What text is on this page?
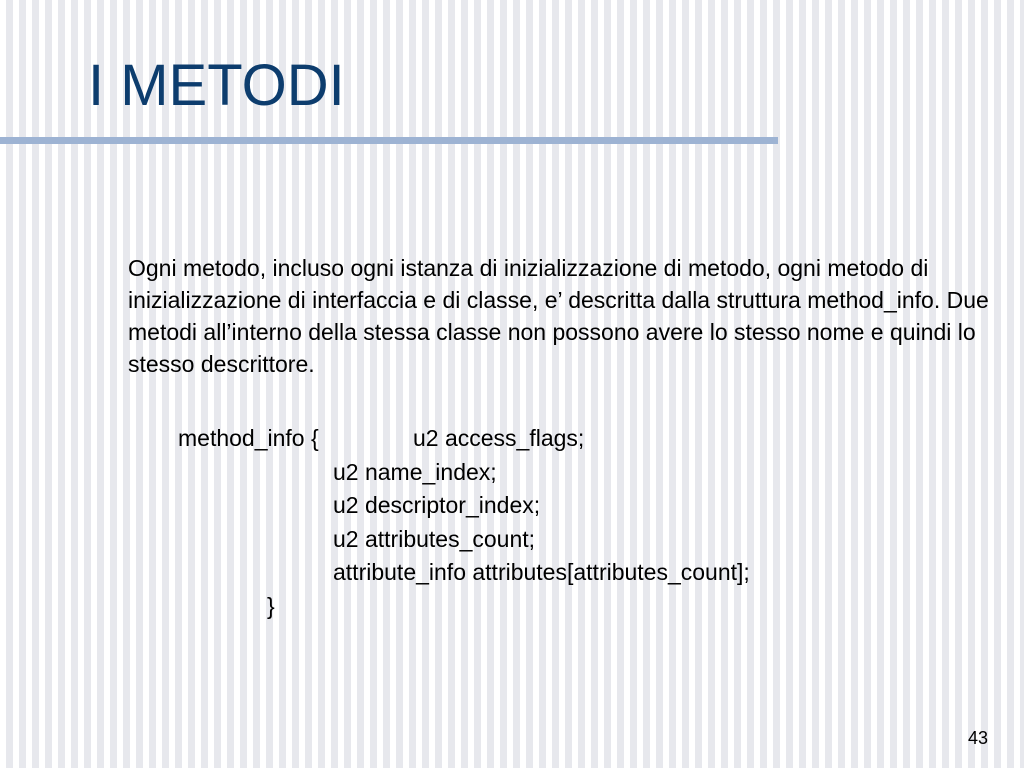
I METODI

Ogni metodo, incluso ogni istanza di inizializzazione di metodo, ogni metodo di inizializzazione di interfaccia e di classe, e’ descritta dalla struttura method_info. Due metodi all’interno della stessa classe non possono avere lo stesso nome e quindi lo stesso descrittore.

method_info {	u2 access_flags;
u2 name_index;
u2 descriptor_index;
u2 attributes_count;
attribute_info attributes[attributes_count];
}
43
